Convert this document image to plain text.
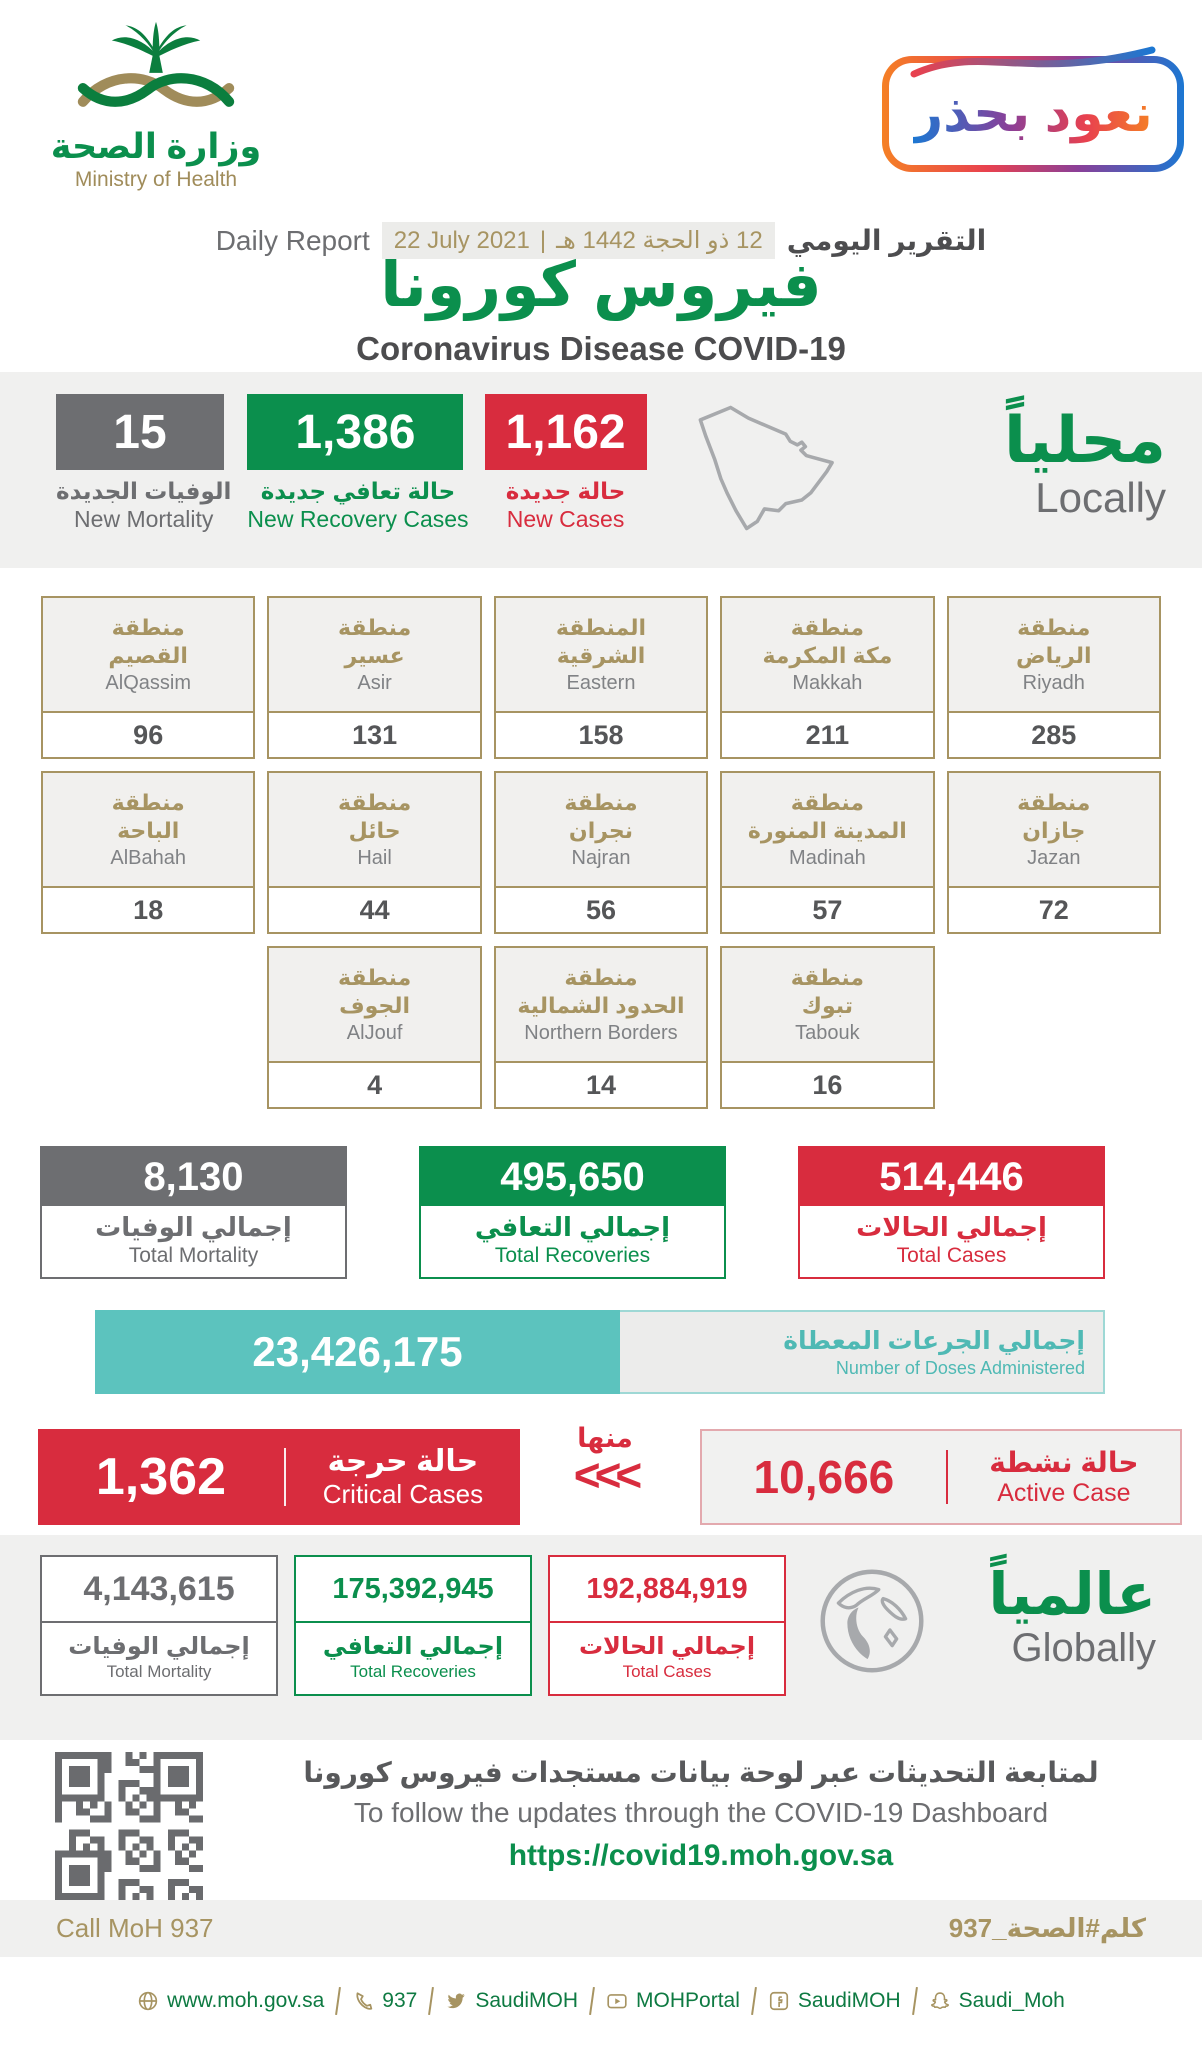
وزارة الصحة
Ministry of Health
نعود بحذر
Daily Report 22 July 2021 | 12 ذو الحجة 1442 هـ التقرير اليومي
فيروس كورونا
Coronavirus Disease COVID-19
15
الوفيات الجديدة
New Mortality
1,386
حالة تعافي جديدة
New Recovery Cases
1,162
حالة جديدة
New Cases
محلياً
Locally
منطقة
القصيم
AlQassim
96
منطقة
عسير
Asir
131
المنطقة
الشرقية
Eastern
158
منطقة
مكة المكرمة
Makkah
211
منطقة
الرياض
Riyadh
285
منطقة
الباحة
AlBahah
18
منطقة
حائل
Hail
44
منطقة
نجران
Najran
56
منطقة
المدينة المنورة
Madinah
57
منطقة
جازان
Jazan
72
منطقة
الجوف
AlJouf
4
منطقة
الحدود الشمالية
Northern Borders
14
منطقة
تبوك
Tabouk
16
8,130
إجمالي الوفيات
Total Mortality
495,650
إجمالي التعافي
Total Recoveries
514,446
إجمالي الحالات
Total Cases
23,426,175	إجمالي الجرعات المعطاة
Number of Doses Administered
1,362	حالة حرجة
Critical Cases
منها
<<<	10,666	حالة نشطة
Active Case
4,143,615
إجمالي الوفيات
Total Mortality
175,392,945
إجمالي التعافي
Total Recoveries
192,884,919
إجمالي الحالات
Total Cases
عالمياً
Globally
لمتابعة التحديثات عبر لوحة بيانات مستجدات فيروس كورونا
To follow the updates through the COVID-19 Dashboard
https://covid19.moh.gov.sa
Call MoH 937	كلم#الصحة_937
www.moh.gov.sa	937	SaudiMOH	MOHPortal	SaudiMOH	Saudi_Moh
